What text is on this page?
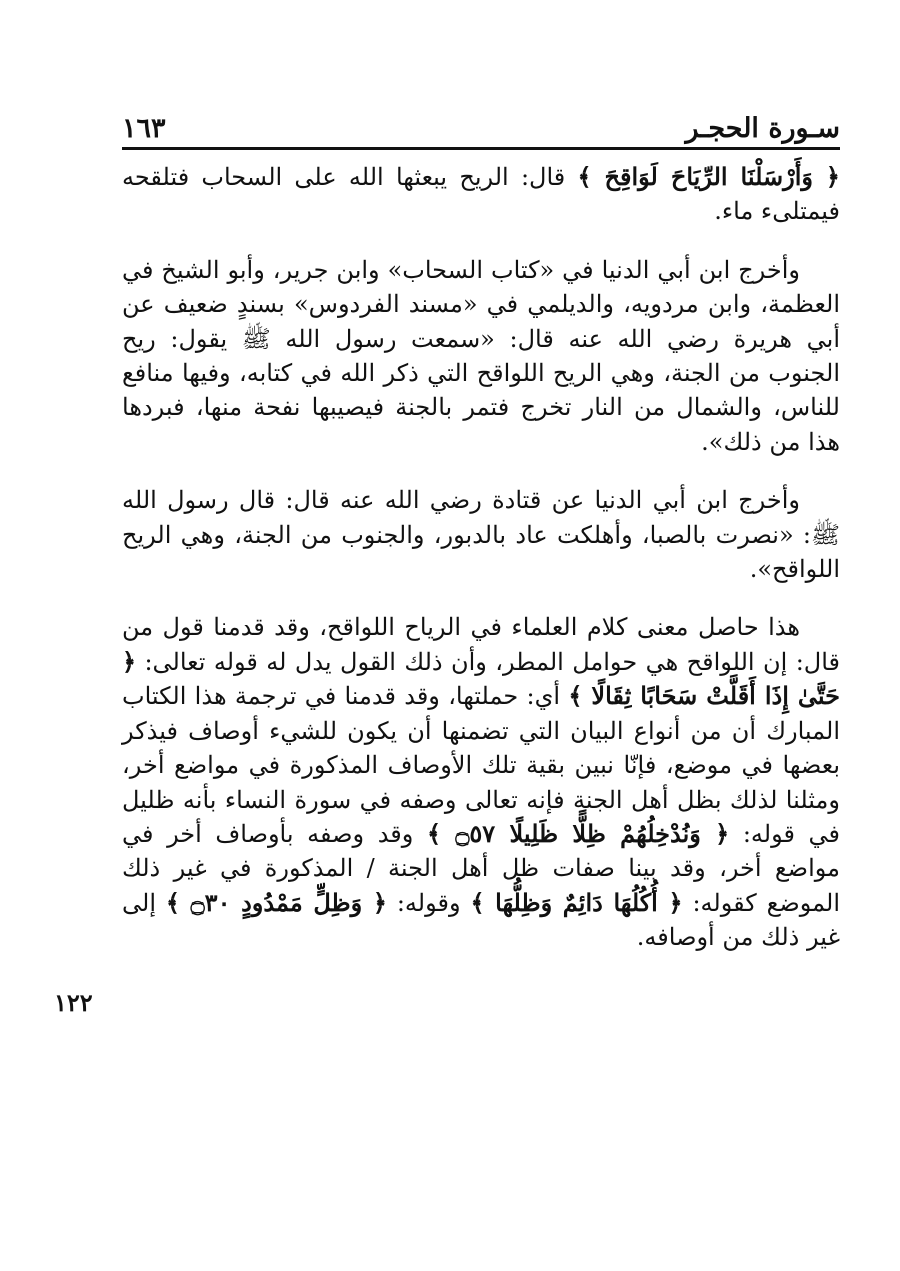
سـورة الحجـر
١٦٣

﴿ وَأَرْسَلْنَا الرِّيَاحَ لَوَاقِحَ ﴾ قال: الريح يبعثها الله على السحاب فتلقحه فيمتلىء ماء.

وأخرج ابن أبي الدنيا في «كتاب السحاب» وابن جرير، وأبو الشيخ في العظمة، وابن مردويه، والديلمي في «مسند الفردوس» بسندٍ ضعيف عن أبي هريرة رضي الله عنه قال: «سمعت رسول الله ﷺ يقول: ريح الجنوب من الجنة، وهي الريح اللواقح التي ذكر الله في كتابه، وفيها منافع للناس، والشمال من النار تخرج فتمر بالجنة فيصيبها نفحة منها، فبردها هذا من ذلك».

وأخرج ابن أبي الدنيا عن قتادة رضي الله عنه قال: قال رسول الله ﷺ: «نصرت بالصبا، وأهلكت عاد بالدبور، والجنوب من الجنة، وهي الريح اللواقح».

هذا حاصل معنى كلام العلماء في الرياح اللواقح، وقد قدمنا قول من قال: إن اللواقح هي حوامل المطر، وأن ذلك القول يدل له قوله تعالى: ﴿ حَتَّىٰ إِذَا أَقَلَّتْ سَحَابًا ثِقَالًا ﴾ أي: حملتها، وقد قدمنا في ترجمة هذا الكتاب المبارك أن من أنواع البيان التي تضمنها أن يكون للشيء أوصاف فيذكر بعضها في موضع، فإنّا نبين بقية تلك الأوصاف المذكورة في مواضع أخر، ومثلنا لذلك بظل أهل الجنة فإنه تعالى وصفه في سورة النساء بأنه ظليل في قوله: ﴿ وَنُدْخِلُهُمْ ظِلًّا ظَلِيلًا ۝٥٧ ﴾ وقد وصفه بأوصاف أخر في مواضع أخر، وقد بينا صفات ظل أهل الجنة / المذكورة في غير ذلك الموضع كقوله: ﴿ أُكُلُهَا دَائِمٌ وَظِلُّهَا ﴾ وقوله: ﴿ وَظِلٍّ مَمْدُودٍ ۝٣٠ ﴾ إلى غير ذلك من أوصافه.

١٢٢
